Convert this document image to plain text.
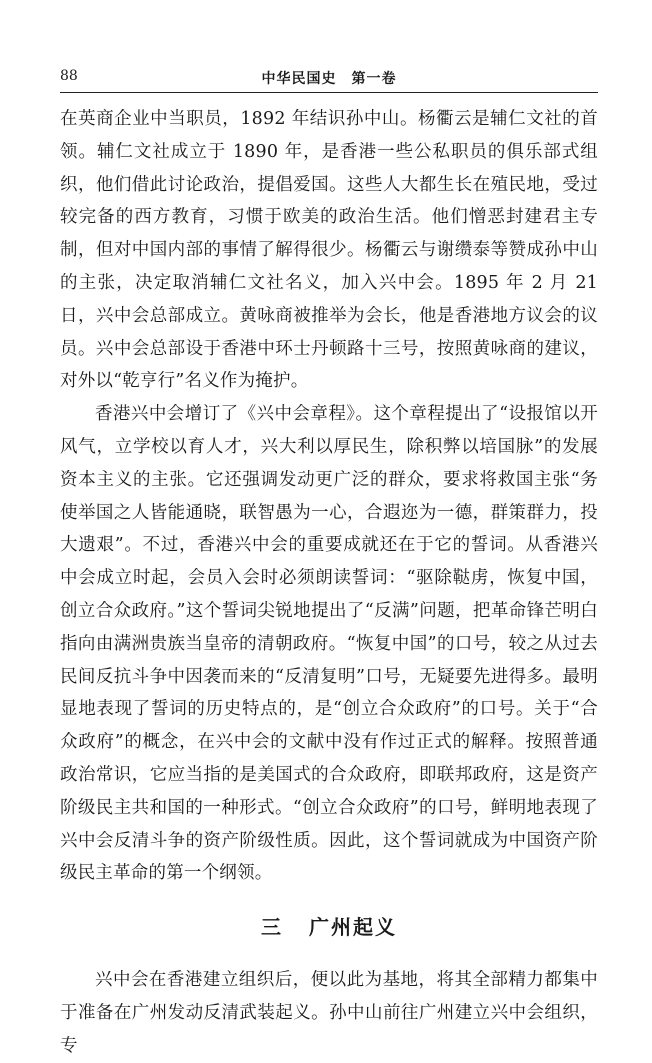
88	中华民国史　第一卷

在英商企业中当职员，1892 年结识孙中山。杨衢云是辅仁文社的首领。辅仁文社成立于 1890 年，是香港一些公私职员的俱乐部式组织，他们借此讨论政治，提倡爱国。这些人大都生长在殖民地，受过较完备的西方教育，习惯于欧美的政治生活。他们憎恶封建君主专制，但对中国内部的事情了解得很少。杨衢云与谢缵泰等赞成孙中山的主张，决定取消辅仁文社名义，加入兴中会。1895 年 2 月 21 日，兴中会总部成立。黄咏商被推举为会长，他是香港地方议会的议员。兴中会总部设于香港中环士丹顿路十三号，按照黄咏商的建议，对外以“乾亨行”名义作为掩护。

香港兴中会增订了《兴中会章程》。这个章程提出了“设报馆以开风气，立学校以育人才，兴大利以厚民生，除积弊以培国脉”的发展资本主义的主张。它还强调发动更广泛的群众，要求将救国主张“务使举国之人皆能通晓，联智愚为一心，合遐迩为一德，群策群力，投大遗艰”。不过，香港兴中会的重要成就还在于它的誓词。从香港兴中会成立时起，会员入会时必须朗读誓词：“驱除鞑虏，恢复中国，创立合众政府。”这个誓词尖锐地提出了“反满”问题，把革命锋芒明白指向由满洲贵族当皇帝的清朝政府。“恢复中国”的口号，较之从过去民间反抗斗争中因袭而来的“反清复明”口号，无疑要先进得多。最明显地表现了誓词的历史特点的，是“创立合众政府”的口号。关于“合众政府”的概念，在兴中会的文献中没有作过正式的解释。按照普通政治常识，它应当指的是美国式的合众政府，即联邦政府，这是资产阶级民主共和国的一种形式。“创立合众政府”的口号，鲜明地表现了兴中会反清斗争的资产阶级性质。因此，这个誓词就成为中国资产阶级民主革命的第一个纲领。

三 广州起义

兴中会在香港建立组织后，便以此为基地，将其全部精力都集中于准备在广州发动反清武装起义。孙中山前往广州建立兴中会组织，专
